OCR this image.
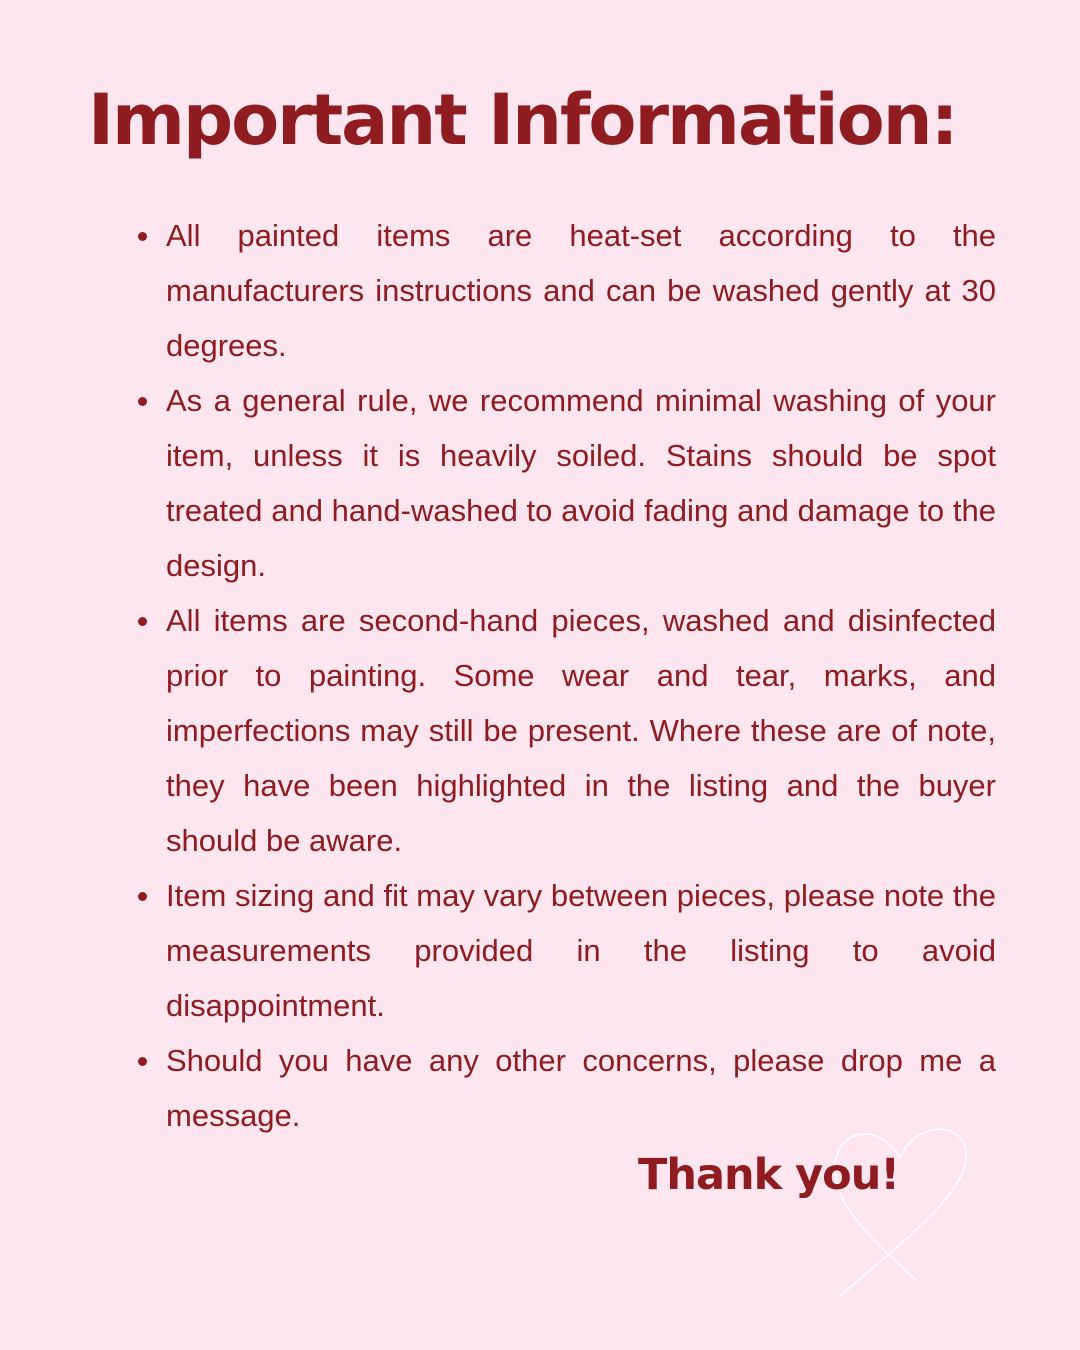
Important Information:
All painted items are heat-set according to the manufacturers instructions and can be washed gently at 30 degrees.
As a general rule, we recommend minimal washing of your item, unless it is heavily soiled. Stains should be spot treated and hand-washed to avoid fading and damage to the design.
All items are second-hand pieces, washed and disinfected prior to painting. Some wear and tear, marks, and imperfections may still be present. Where these are of note, they have been highlighted in the listing and the buyer should be aware.
Item sizing and fit may vary between pieces, please note the measurements provided in the listing to avoid disappointment.
Should you have any other concerns, please drop me a message.
Thank you!
